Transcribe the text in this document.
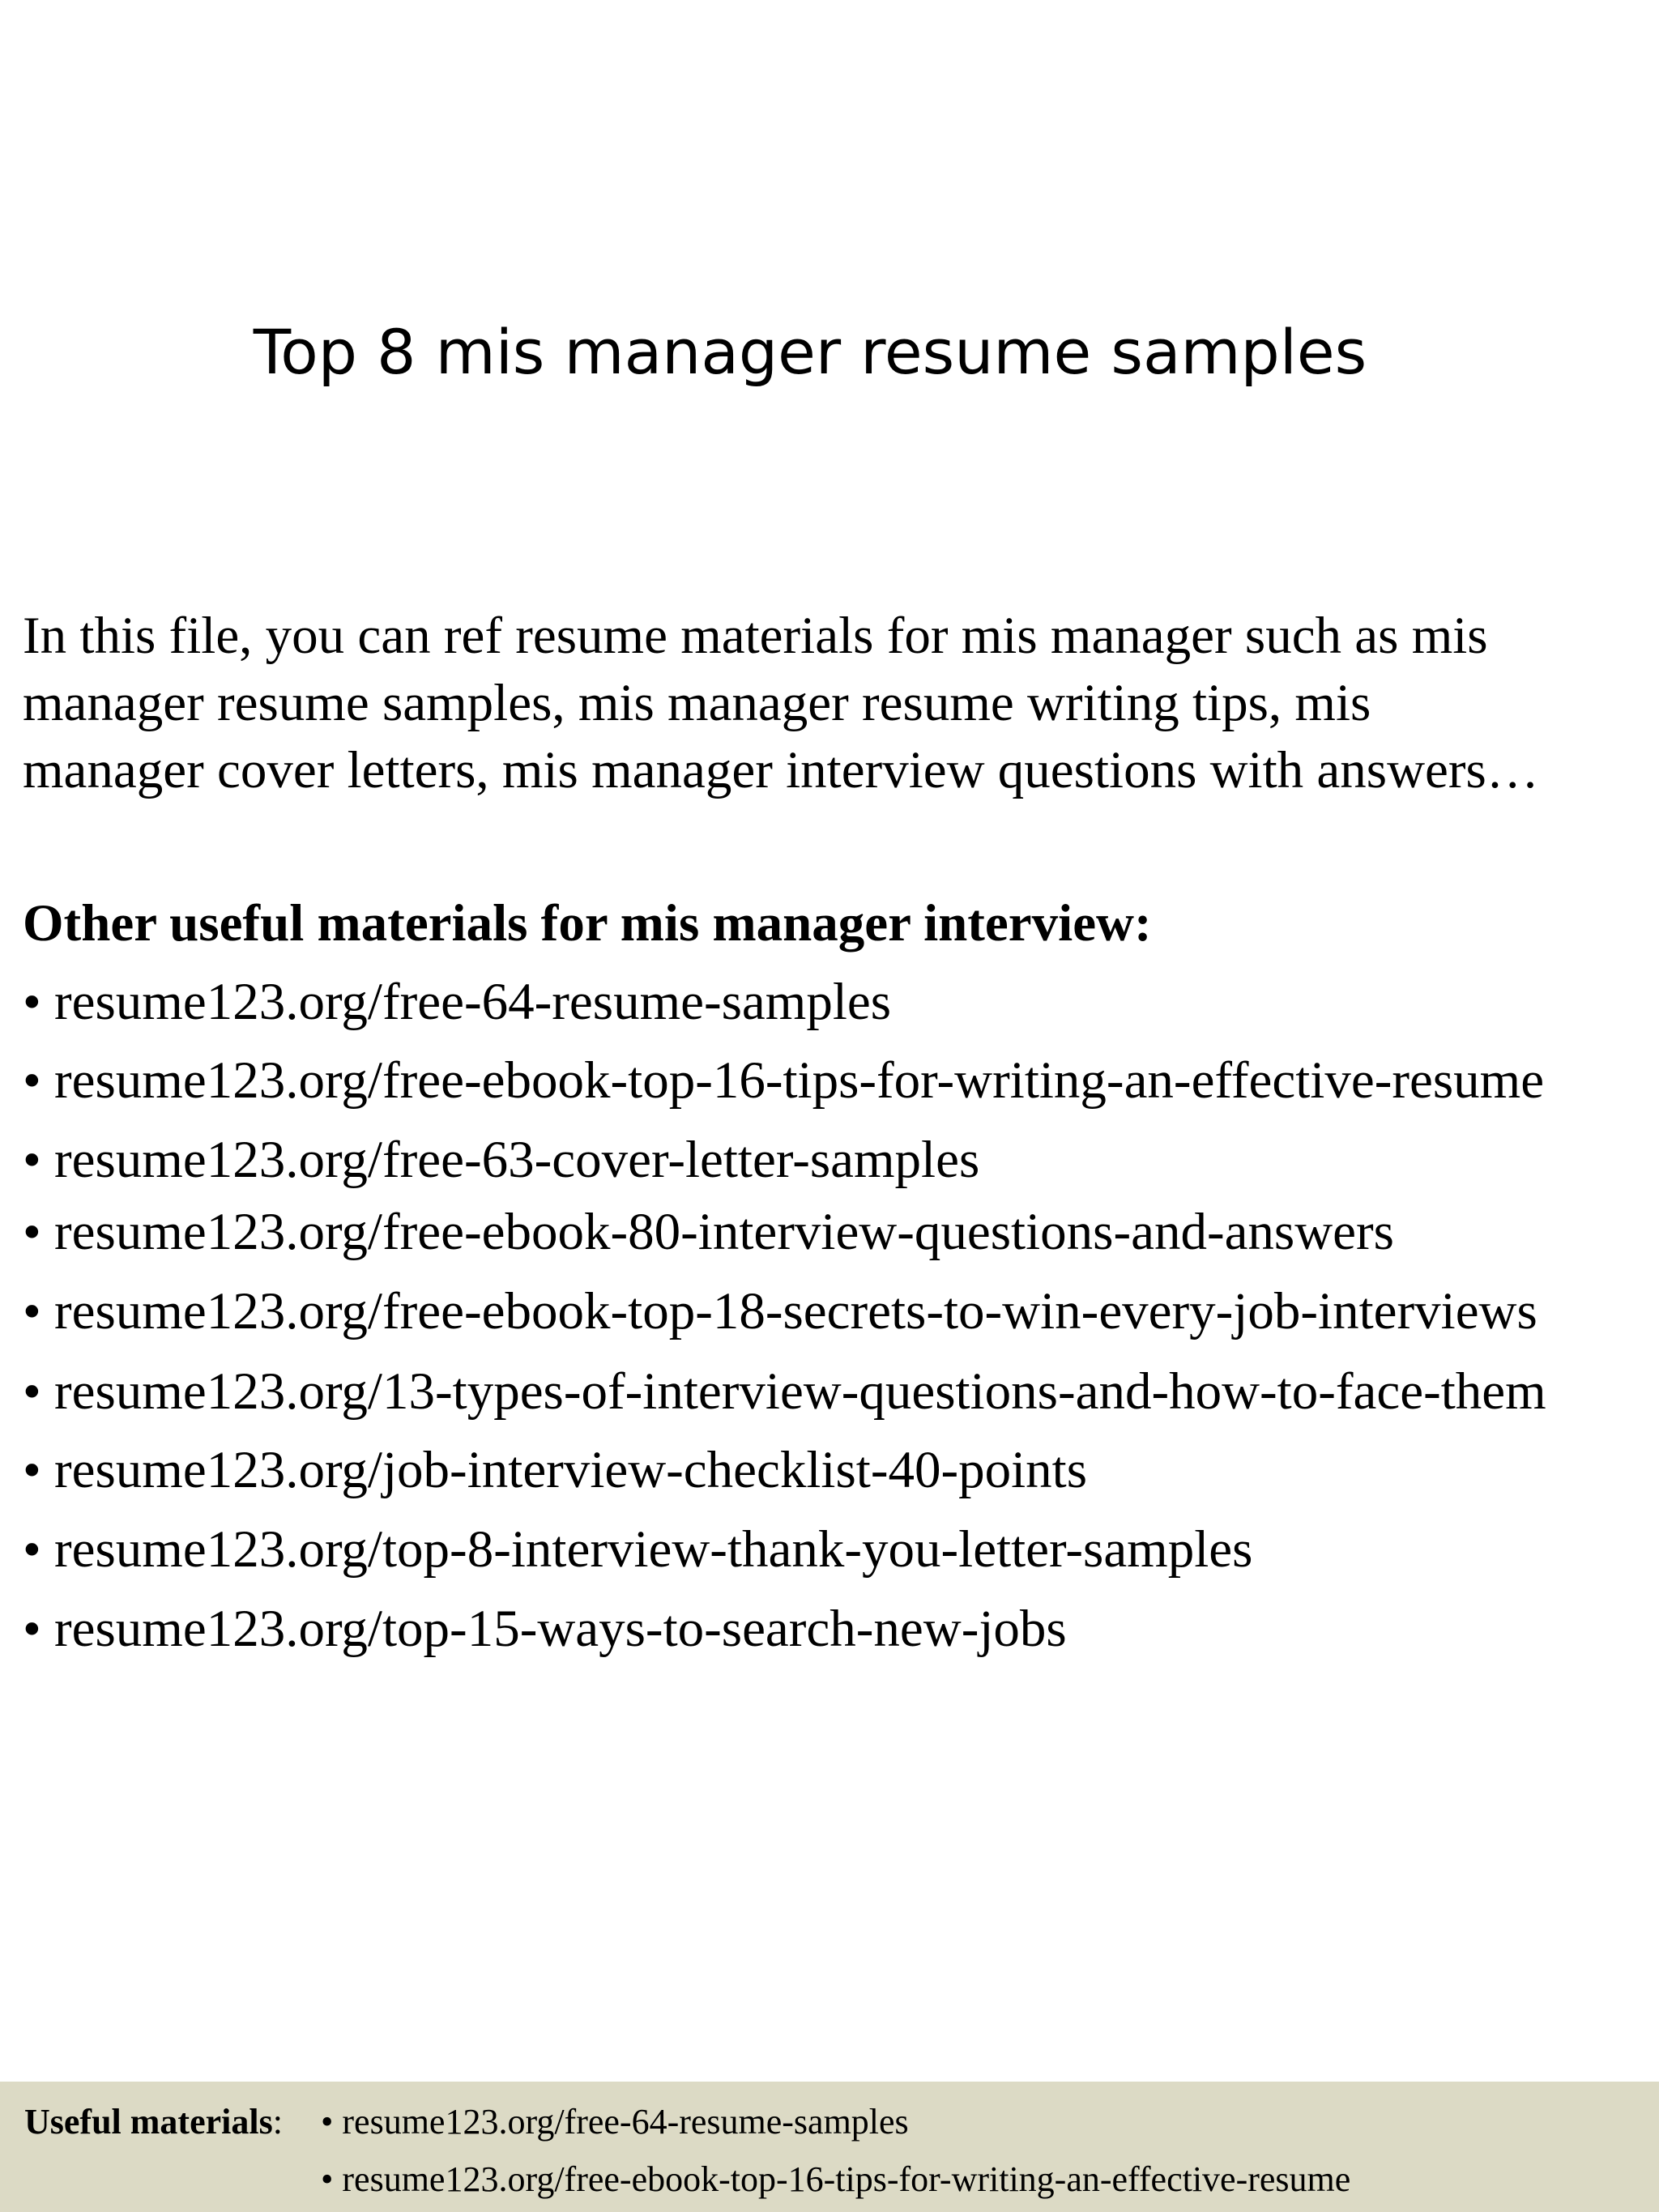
Top 8 mis manager resume samples

In this file, you can ref resume materials for mis manager such as mis
manager resume samples, mis manager resume writing tips, mis
manager cover letters, mis manager interview questions with answers…

Other useful materials for mis manager interview:
• resume123.org/free-64-resume-samples
• resume123.org/free-ebook-top-16-tips-for-writing-an-effective-resume
• resume123.org/free-63-cover-letter-samples
• resume123.org/free-ebook-80-interview-questions-and-answers
• resume123.org/free-ebook-top-18-secrets-to-win-every-job-interviews
• resume123.org/13-types-of-interview-questions-and-how-to-face-them
• resume123.org/job-interview-checklist-40-points
• resume123.org/top-8-interview-thank-you-letter-samples
• resume123.org/top-15-ways-to-search-new-jobs
Useful materials: • resume123.org/free-64-resume-samples
• resume123.org/free-ebook-top-16-tips-for-writing-an-effective-resume
